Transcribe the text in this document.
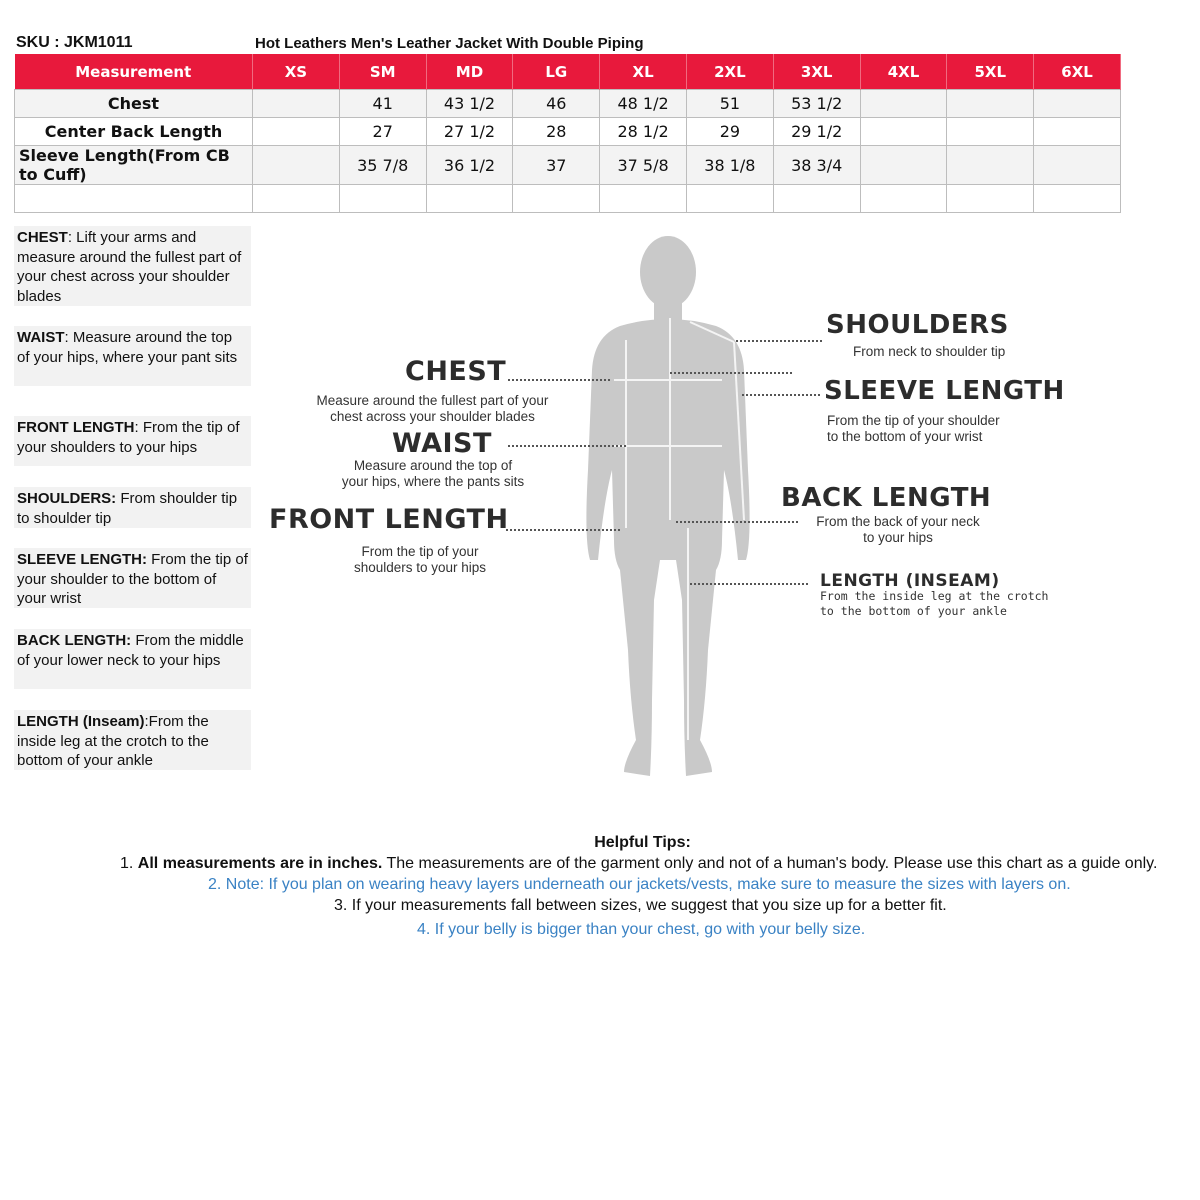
SKU : JKM1011	Hot Leathers Men's Leather Jacket With Double Piping
Measurement	XS	SM	MD	LG	XL	2XL	3XL	4XL	5XL	6XL
Chest		41	43 1/2	46	48 1/2	51	53 1/2			
Center Back Length		27	27 1/2	28	28 1/2	29	29 1/2			
Sleeve Length(From CB to Cuff)		35 7/8	36 1/2	37	37 5/8	38 1/8	38 3/4			

CHEST: Lift your arms and measure around the fullest part of your chest across your shoulder blades
WAIST: Measure around the top of your hips, where your pant sits
FRONT LENGTH: From the tip of your shoulders to your hips
SHOULDERS: From shoulder tip to shoulder tip
SLEEVE LENGTH: From the tip of your shoulder to the bottom of your wrist
BACK LENGTH: From the middle of your lower neck to your hips
LENGTH (Inseam):From the inside leg at the crotch to the bottom of your ankle
CHEST
Measure around the fullest part of your
chest across your shoulder blades
WAIST
Measure around the top of
your hips, where the pants sits
FRONT LENGTH
From the tip of your
shoulders to your hips
SHOULDERS
From neck to shoulder tip
SLEEVE LENGTH
From the tip of your shoulder
to the bottom of your wrist
BACK LENGTH
From the back of your neck
to your hips
LENGTH (INSEAM)
From the inside leg at the crotch
to the bottom of your ankle
Helpful Tips:
1. All measurements are in inches. The measurements are of the garment only and not of a human's body. Please use this chart as a guide only.
2. Note: If you plan on wearing heavy layers underneath our jackets/vests, make sure to measure the sizes with layers on.
3. If your measurements fall between sizes, we suggest that you size up for a better fit.
4. If your belly is bigger than your chest, go with your belly size.
